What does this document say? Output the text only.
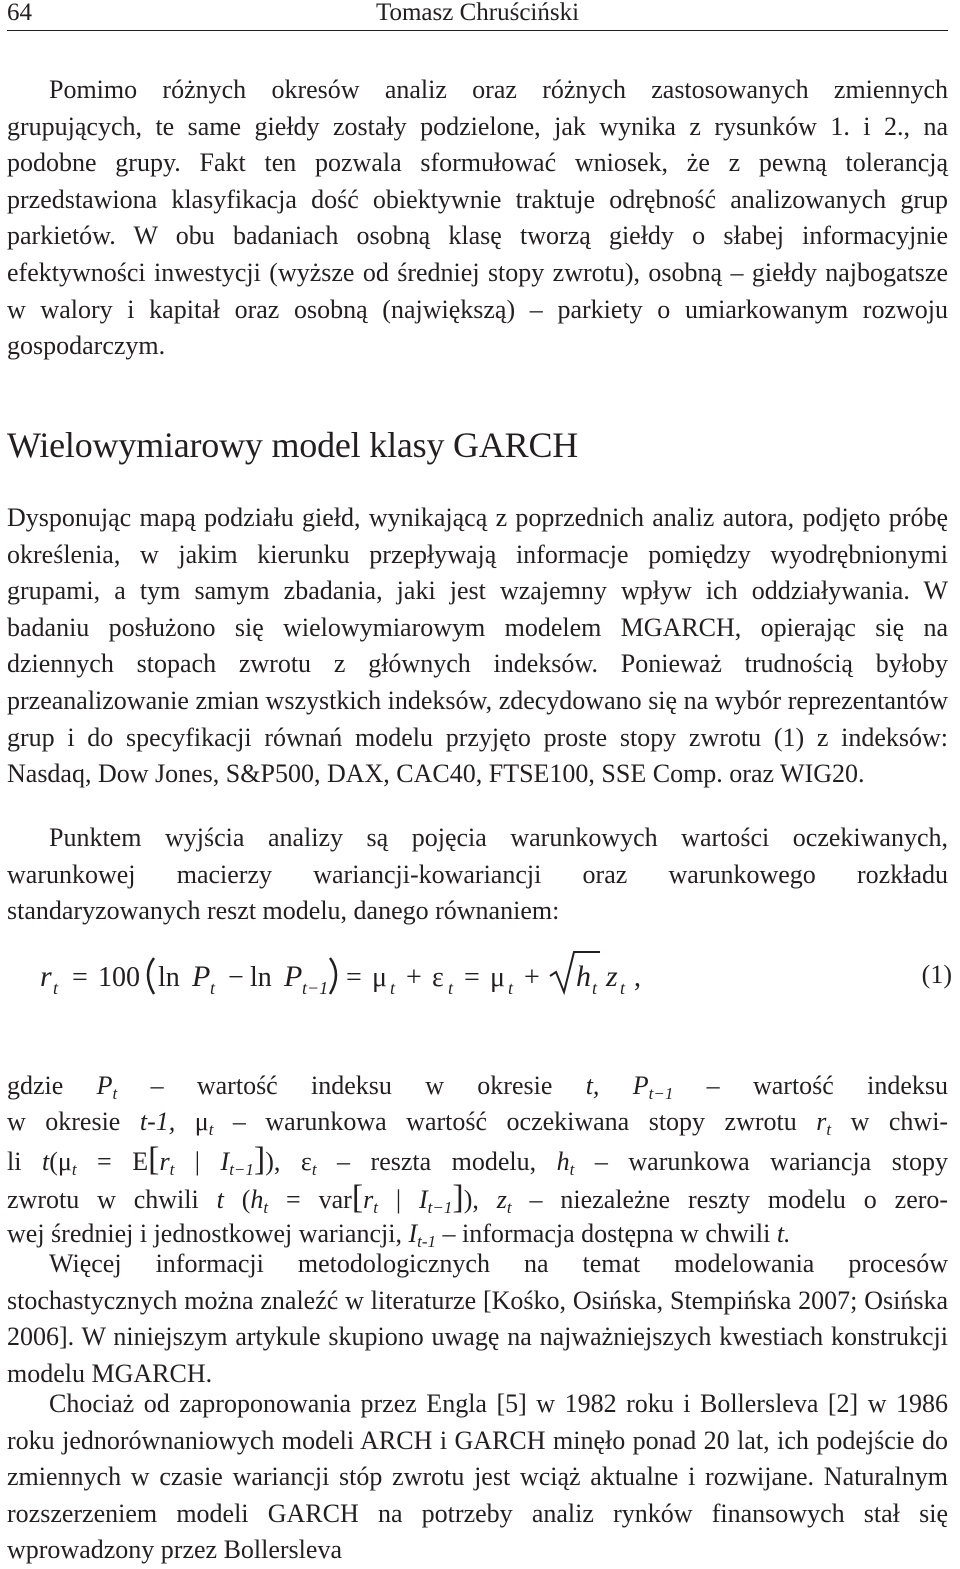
64	Tomasz Chruściński

Pomimo różnych okresów analiz oraz różnych zastosowanych zmiennych grupujących, te same giełdy zostały podzielone, jak wynika z rysunków 1. i 2., na podobne grupy. Fakt ten pozwala sformułować wniosek, że z pewną tolerancją przedstawiona klasyfikacja dość obiektywnie traktuje odrębność analizowanych grup parkietów. W obu badaniach osobną klasę tworzą giełdy o słabej informacyjnie efektywności inwestycji (wyższe od średniej stopy zwrotu), osobną – giełdy najbogatsze w walory i kapitał oraz osobną (największą) – parkiety o umiarkowanym rozwoju gospodarczym.

Wielowymiarowy model klasy GARCH

Dysponując mapą podziału giełd, wynikającą z poprzednich analiz autora, podjęto próbę określenia, w jakim kierunku przepływają informacje pomiędzy wyodrębnionymi grupami, a tym samym zbadania, jaki jest wzajemny wpływ ich oddziaływania. W badaniu posłużono się wielowymiarowym modelem MGARCH, opierając się na dziennych stopach zwrotu z głównych indeksów. Ponieważ trudnością byłoby przeanalizowanie zmian wszystkich indeksów, zdecydowano się na wybór reprezentantów grup i do specyfikacji równań modelu przyjęto proste stopy zwrotu (1) z indeksów: Nasdaq, Dow Jones, S&P500, DAX, CAC40, FTSE100, SSE Comp. oraz WIG20.

Punktem wyjścia analizy są pojęcia warunkowych wartości oczekiwanych, warunkowej macierzy wariancji-kowariancji oraz warunkowego rozkładu standaryzowanych reszt modelu, danego równaniem:

r t = 100 ln P t − ln P t−1 = μ t + ε t = μ t + h t z t ,	(1)
gdzie $P_t$ – wartość indeksu w okresie t, $P_{t-1}$ – wartość indeksu
w okresie t-1, $\mu_t$ – warunkowa wartość oczekiwana stopy zwrotu $r_t$ w chwi-
li $t(\mu_t = E[r_t$ | $I_{t-1}$]), $\varepsilon_t$ – reszta modelu, $h_t$ – warunkowa wariancja stopy
zwrotu w chwili t ($h_t = var[r_t$ | $I_{t-1}$]), $z_t$ – niezależne reszty modelu o zero-
wej średniej i jednostkowej wariancji, $I_{t-1}$ – informacja dostępna w chwili t.

Więcej informacji metodologicznych na temat modelowania procesów stochastycznych można znaleźć w literaturze [Kośko, Osińska, Stempińska 2007; Osińska 2006]. W niniejszym artykule skupiono uwagę na najważniejszych kwestiach konstrukcji modelu MGARCH.

Chociaż od zaproponowania przez Engla [5] w 1982 roku i Bollersleva [2] w 1986 roku jednorównaniowych modeli ARCH i GARCH minęło ponad 20 lat, ich podejście do zmiennych w czasie wariancji stóp zwrotu jest wciąż aktualne i rozwijane. Naturalnym rozszerzeniem modeli GARCH na potrzeby analiz rynków finansowych stał się wprowadzony przez Bollersleva
